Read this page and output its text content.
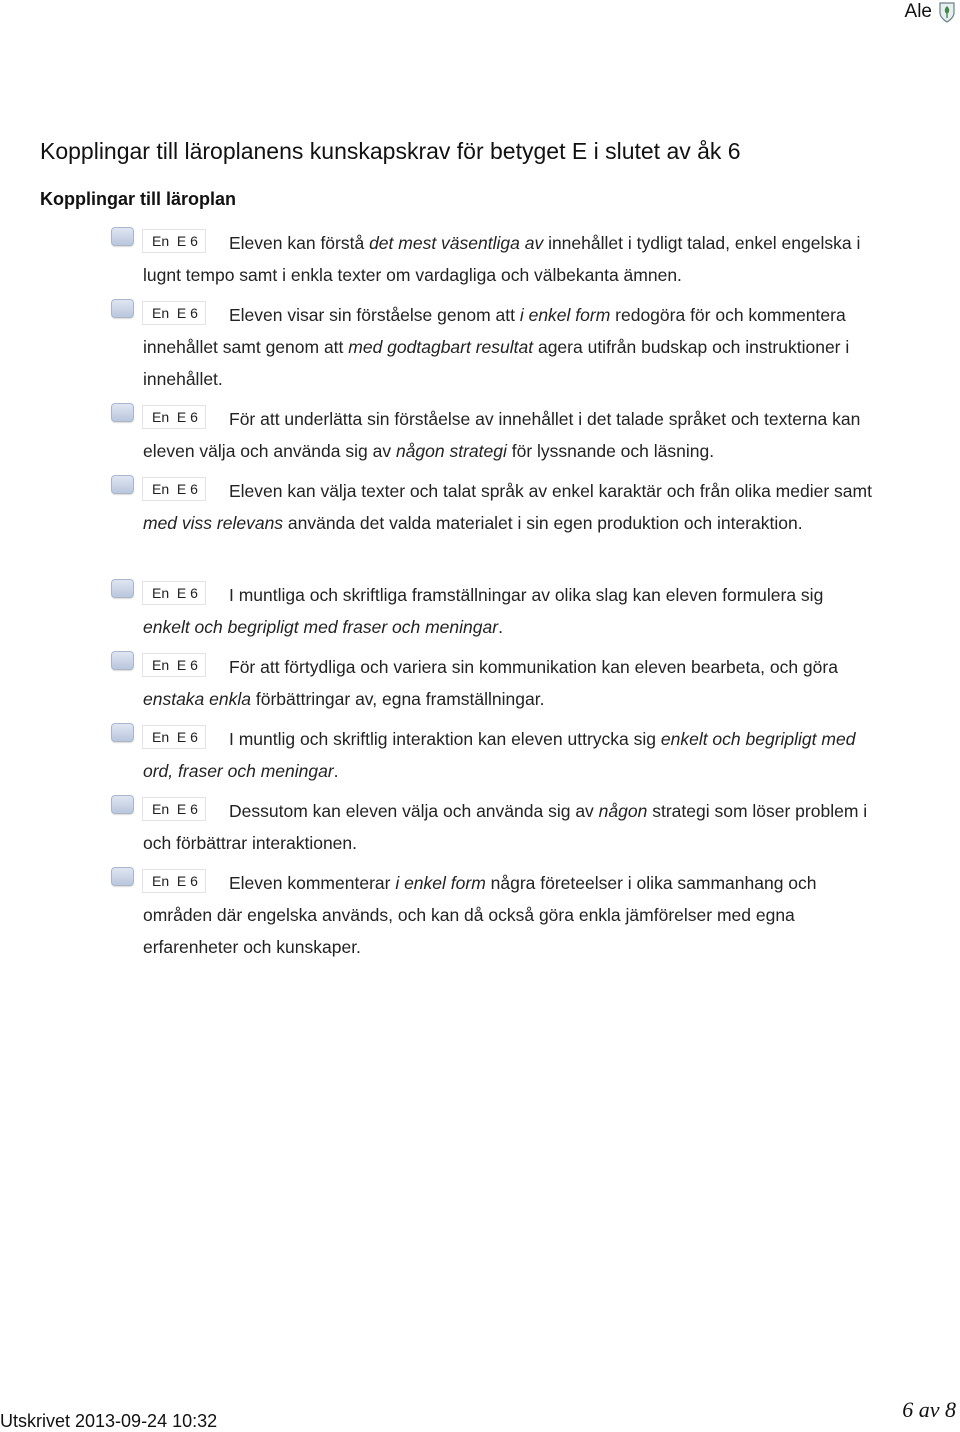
Ale
Kopplingar till läroplanens kunskapskrav för betyget E i slutet av åk 6
Kopplingar till läroplan
En  E 6	Eleven kan förstå det mest väsentliga av innehållet i tydligt talad, enkel engelska i lugnt tempo samt i enkla texter om vardagliga och välbekanta ämnen.
En  E 6	Eleven visar sin förståelse genom att i enkel form redogöra för och kommentera innehållet samt genom att med godtagbart resultat agera utifrån budskap och instruktioner i innehållet.
En  E 6	För att underlätta sin förståelse av innehållet i det talade språket och texterna kan eleven välja och använda sig av någon strategi för lyssnande och läsning.
En  E 6	Eleven kan välja texter och talat språk av enkel karaktär och från olika medier samt med viss relevans använda det valda materialet i sin egen produktion och interaktion.
En  E 6	I muntliga och skriftliga framställningar av olika slag kan eleven formulera sig enkelt och begripligt med fraser och meningar.
En  E 6	För att förtydliga och variera sin kommunikation kan eleven bearbeta, och göra enstaka enkla förbättringar av, egna framställningar.
En  E 6	I muntlig och skriftlig interaktion kan eleven uttrycka sig enkelt och begripligt med ord, fraser och meningar.
En  E 6	Dessutom kan eleven välja och använda sig av någon strategi som löser problem i och förbättrar interaktionen.
En  E 6	Eleven kommenterar i enkel form några företeelser i olika sammanhang och områden där engelska används, och kan då också göra enkla jämförelser med egna erfarenheter och kunskaper.
Utskrivet 2013-09-24 10:32	6 av 8
